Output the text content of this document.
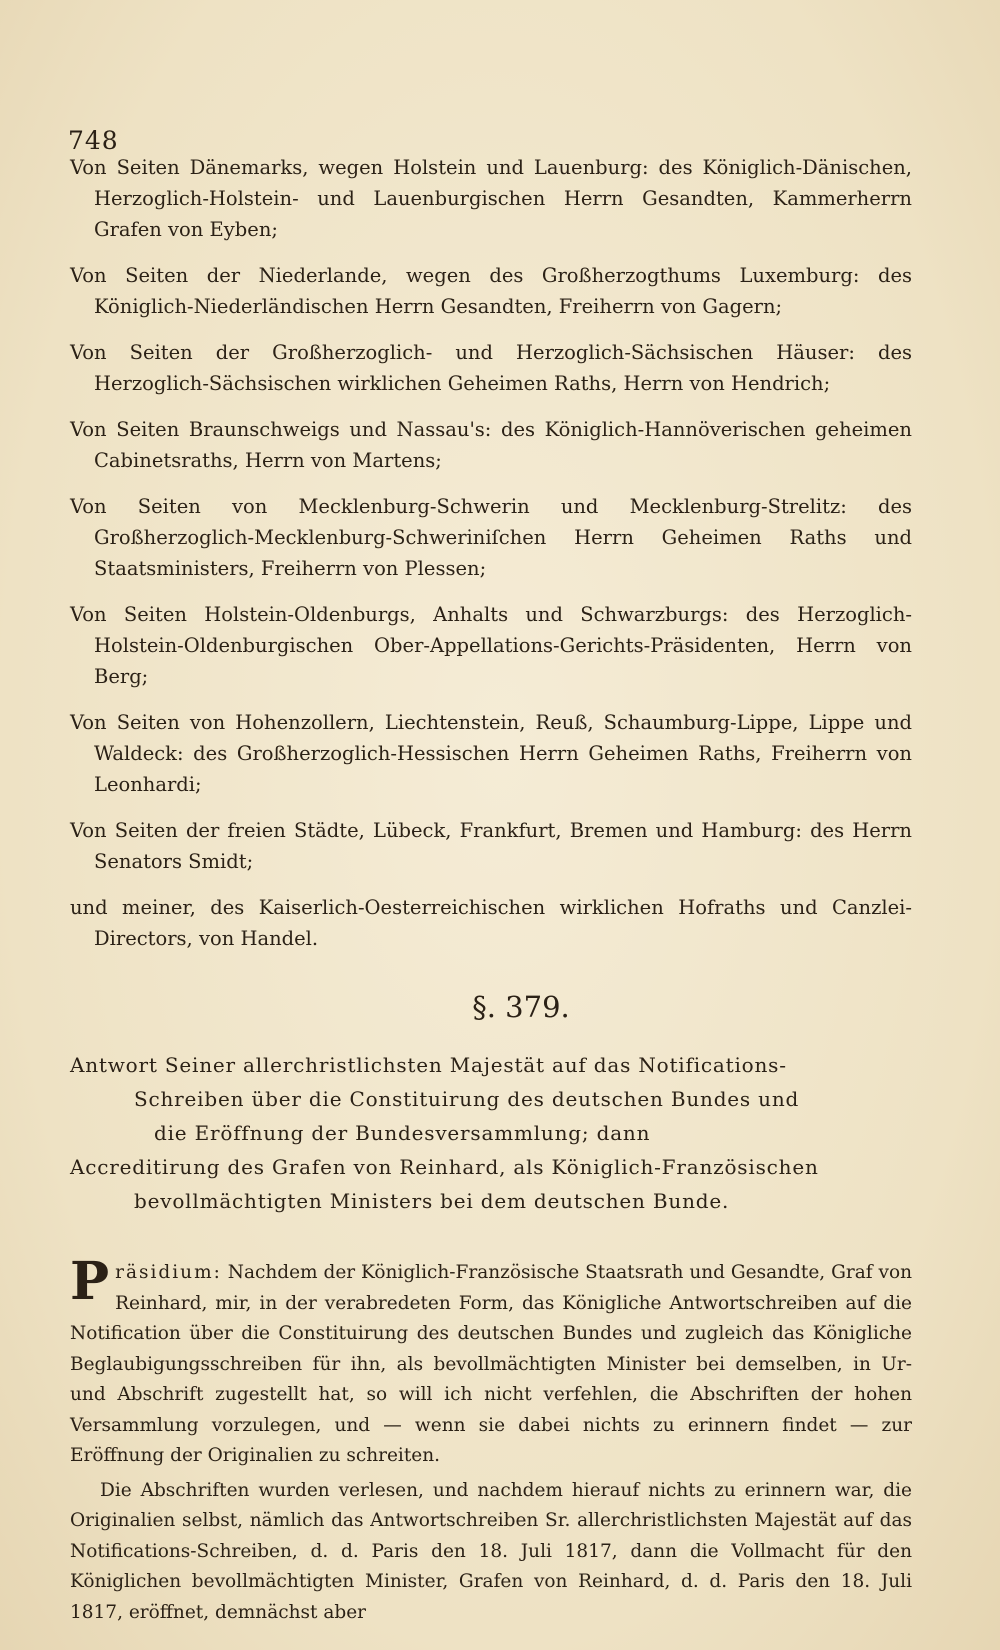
748

Von Seiten Dänemarks, wegen Holstein und Lauenburg: des Königlich-Dänischen, Herzoglich-Holstein- und Lauenburgischen Herrn Gesandten, Kammerherrn Grafen von Eyben;

Von Seiten der Niederlande, wegen des Großherzogthums Luxemburg: des Königlich-Niederländischen Herrn Gesandten, Freiherrn von Gagern;

Von Seiten der Großherzoglich- und Herzoglich-Sächsischen Häuser: des Herzoglich-Sächsischen wirklichen Geheimen Raths, Herrn von Hendrich;

Von Seiten Braunschweigs und Nassau's: des Königlich-Hannöverischen geheimen Cabinetsraths, Herrn von Martens;

Von Seiten von Mecklenburg-Schwerin und Mecklenburg-Strelitz: des Großherzoglich-Mecklenburg-Schweriniſchen Herrn Geheimen Raths und Staatsministers, Freiherrn von Plessen;

Von Seiten Holstein-Oldenburgs, Anhalts und Schwarzburgs: des Herzoglich-Holstein-Oldenburgischen Ober-Appellations-Gerichts-Präsidenten, Herrn von Berg;

Von Seiten von Hohenzollern, Liechtenstein, Reuß, Schaumburg-Lippe, Lippe und Waldeck: des Großherzoglich-Hessischen Herrn Geheimen Raths, Freiherrn von Leonhardi;

Von Seiten der freien Städte, Lübeck, Frankfurt, Bremen und Hamburg: des Herrn Senators Smidt;

und meiner, des Kaiserlich-Oesterreichischen wirklichen Hofraths und Canzlei-Directors, von Handel.

§. 379.
Antwort Seiner allerchristlichsten Majestät auf das Notifications-
Schreiben über die Constituirung des deutschen Bundes und
die Eröffnung der Bundesversammlung; dann
Accreditirung des Grafen von Reinhard, als Königlich-Französischen
bevollmächtigten Ministers bei dem deutschen Bunde.
P räsidium: Nachdem der Königlich-Französische Staatsrath und Gesandte, Graf von Reinhard, mir, in der verabredeten Form, das Königliche Antwortschreiben auf die Notification über die Constituirung des deutschen Bundes und zugleich das Königliche Beglaubigungsschreiben für ihn, als bevollmächtigten Minister bei demselben, in Ur- und Abschrift zugestellt hat, so will ich nicht verfehlen, die Abschriften der hohen Versammlung vorzulegen, und — wenn sie dabei nichts zu erinnern findet — zur Eröffnung der Originalien zu schreiten.

Die Abschriften wurden verlesen, und nachdem hierauf nichts zu erinnern war, die Originalien selbst, nämlich das Antwortschreiben Sr. allerchristlichsten Majestät auf das Notifications-Schreiben, d. d. Paris den 18. Juli 1817, dann die Vollmacht für den Königlichen bevollmächtigten Minister, Grafen von Reinhard, d. d. Paris den 18. Juli 1817, eröffnet, demnächst aber
